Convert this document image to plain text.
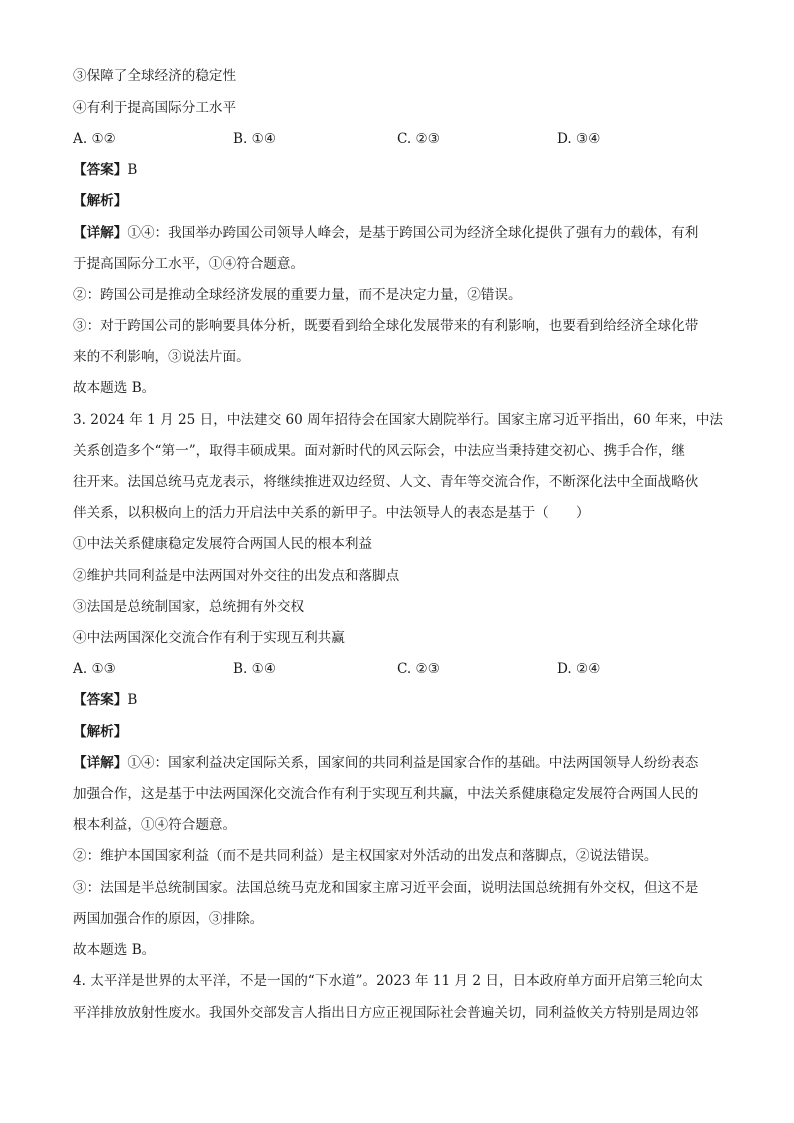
③保障了全球经济的稳定性
④有利于提高国际分工水平
A. ①②	B. ①④	C. ②③	D. ③④
【答案】B
【解析】
【详解】①④：我国举办跨国公司领导人峰会，是基于跨国公司为经济全球化提供了强有力的载体，有利
于提高国际分工水平，①④符合题意。
②：跨国公司是推动全球经济发展的重要力量，而不是决定力量，②错误。
③：对于跨国公司的影响要具体分析，既要看到给全球化发展带来的有利影响，也要看到给经济全球化带
来的不利影响，③说法片面。
故本题选 B。
3. 2024 年 1 月 25 日，中法建交 60 周年招待会在国家大剧院举行。国家主席习近平指出，60 年来，中法
关系创造多个“第一”，取得丰硕成果。面对新时代的风云际会，中法应当秉持建交初心、携手合作，继
往开来。法国总统马克龙表示，将继续推进双边经贸、人文、青年等交流合作，不断深化法中全面战略伙
伴关系，以积极向上的活力开启法中关系的新甲子。中法领导人的表态是基于（　　）
①中法关系健康稳定发展符合两国人民的根本利益
②维护共同利益是中法两国对外交往的出发点和落脚点
③法国是总统制国家，总统拥有外交权
④中法两国深化交流合作有利于实现互利共赢
A. ①③	B. ①④	C. ②③	D. ②④
【答案】B
【解析】
【详解】①④：国家利益决定国际关系，国家间的共同利益是国家合作的基础。中法两国领导人纷纷表态
加强合作，这是基于中法两国深化交流合作有利于实现互利共赢，中法关系健康稳定发展符合两国人民的
根本利益，①④符合题意。
②：维护本国国家利益（而不是共同利益）是主权国家对外活动的出发点和落脚点，②说法错误。
③：法国是半总统制国家。法国总统马克龙和国家主席习近平会面，说明法国总统拥有外交权，但这不是
两国加强合作的原因，③排除。
故本题选 B。
4. 太平洋是世界的太平洋，不是一国的“下水道”。2023 年 11 月 2 日，日本政府单方面开启第三轮向太
平洋排放放射性废水。我国外交部发言人指出日方应正视国际社会普遍关切，同利益攸关方特别是周边邻
